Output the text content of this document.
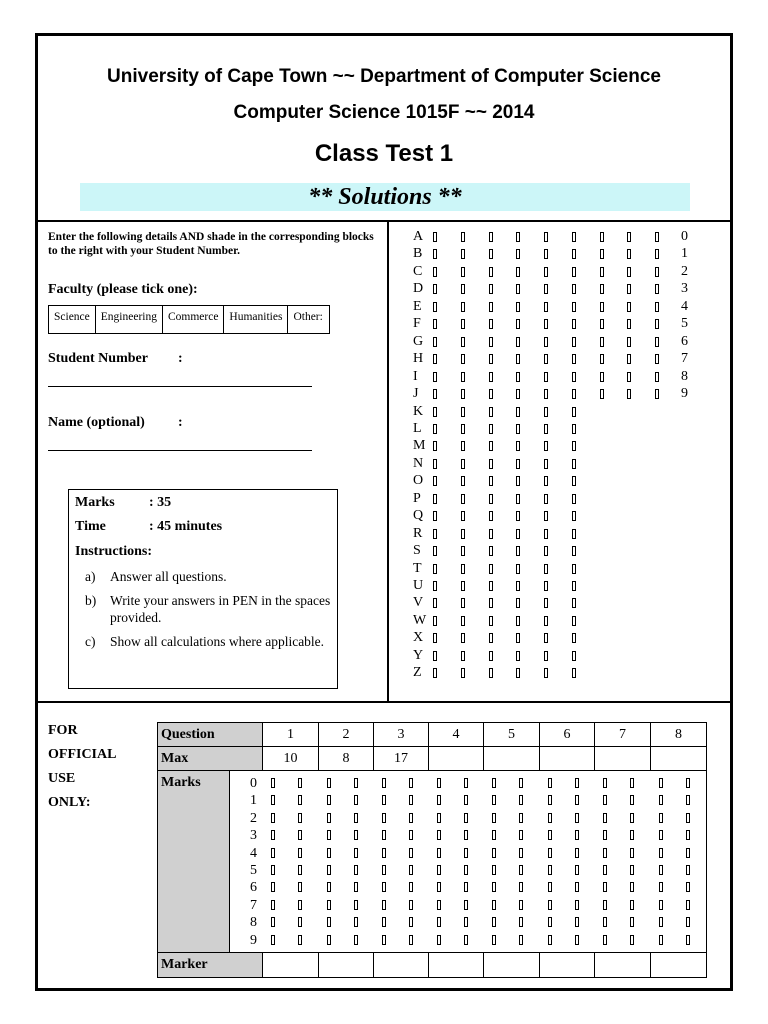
University of Cape Town ~~ Department of Computer Science
Computer Science 1015F ~~ 2014
Class Test 1
** Solutions **
Enter the following details AND shade in the corresponding blocks to the right with your Student Number.
Faculty (please tick one):
Science	Engineering	Commerce	Humanities	Other:
Student Number :
Name (optional) :
Marks : 35
Time	: 45 minutes
Instructions:
a) Answer all questions.
b) Write your answers in PEN in the spaces provided.
c) Show all calculations where applicable.
A	0
B	1
C	2
D	3
E	4
F	5
G	6
H	7
I	8
J	9
K
L
M
N
O
P
Q
R
S
T
U
V
W
X
Y
Z
FOR
OFFICIAL
USE
ONLY:
Question	1	2	3	4	5	6	7	8
Max	10	8	17
Marks	0
1
2
3
4
5
6
7
8
9
Marker
